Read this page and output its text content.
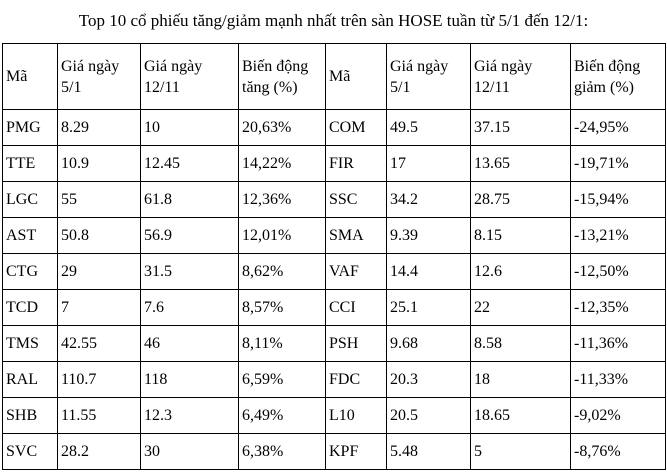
Top 10 cổ phiếu tăng/giảm mạnh nhất trên sàn HOSE tuần từ 5/1 đến 12/1:

Mã	Giá ngày 5/1	Giá ngày 12/11	Biến động tăng (%)	Mã	Giá ngày 5/1	Giá ngày 12/11	Biến động giảm (%)
PMG	8.29	10	20,63%	COM	49.5	37.15	-24,95%
TTE	10.9	12.45	14,22%	FIR	17	13.65	-19,71%
LGC	55	61.8	12,36%	SSC	34.2	28.75	-15,94%
AST	50.8	56.9	12,01%	SMA	9.39	8.15	-13,21%
CTG	29	31.5	8,62%	VAF	14.4	12.6	-12,50%
TCD	7	7.6	8,57%	CCI	25.1	22	-12,35%
TMS	42.55	46	8,11%	PSH	9.68	8.58	-11,36%
RAL	110.7	118	6,59%	FDC	20.3	18	-11,33%
SHB	11.55	12.3	6,49%	L10	20.5	18.65	-9,02%
SVC	28.2	30	6,38%	KPF	5.48	5	-8,76%
